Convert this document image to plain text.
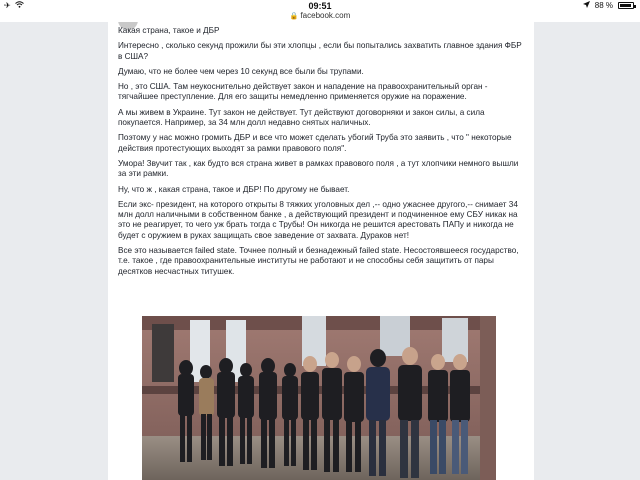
✈	09:51	88 %
🔒 facebook.com

Какая страна, такое и ДБР

Интересно , сколько секунд прожили бы эти хлопцы , если бы попытались захватить главное здания ФБР в США?

Думаю, что не более чем через 10 секунд все были бы трупами.

Но , это США. Там неукоснительно действует закон и нападение на правоохранительный орган - тягчайшее преступление. Для его защиты немедленно применяется оружие на поражение.

А мы живем в Украине. Тут закон не действует. Тут действуют договорняки и закон силы, а сила покупается. Например, за 34 млн долл недавно снятых наличных.

Поэтому у нас можно громить ДБР и все что может сделать убогий Труба это заявить , что " некоторые действия протестующих выходят за рамки правового поля".

Умора! Звучит так , как будто вся страна живет в рамках правового поля , а тут хлопчики немного вышли за эти рамки.

Ну, что ж , какая страна, такое и ДБР! По другому не бывает.

Если экс- президент, на которого открыты 8 тяжких уголовных дел ,-- одно ужаснее другого,-- снимает 34 млн долл наличными в собственном банке , а действующий президент и подчиненное ему СБУ никак на это не реагирует, то чего уж брать тогда с Трубы! Он никогда не решится арестовать ПАПу и никогда не будет с оружием в руках защищать свое заведение от захвата. Дураков нет!

Все это называется failed state. Точнее полный и безнадежный failed state. Несостоявшееся государство, т.е. такое , где правоохранительные институты не работают и не способны себя защитить от пары десятков несчастных титушек.
